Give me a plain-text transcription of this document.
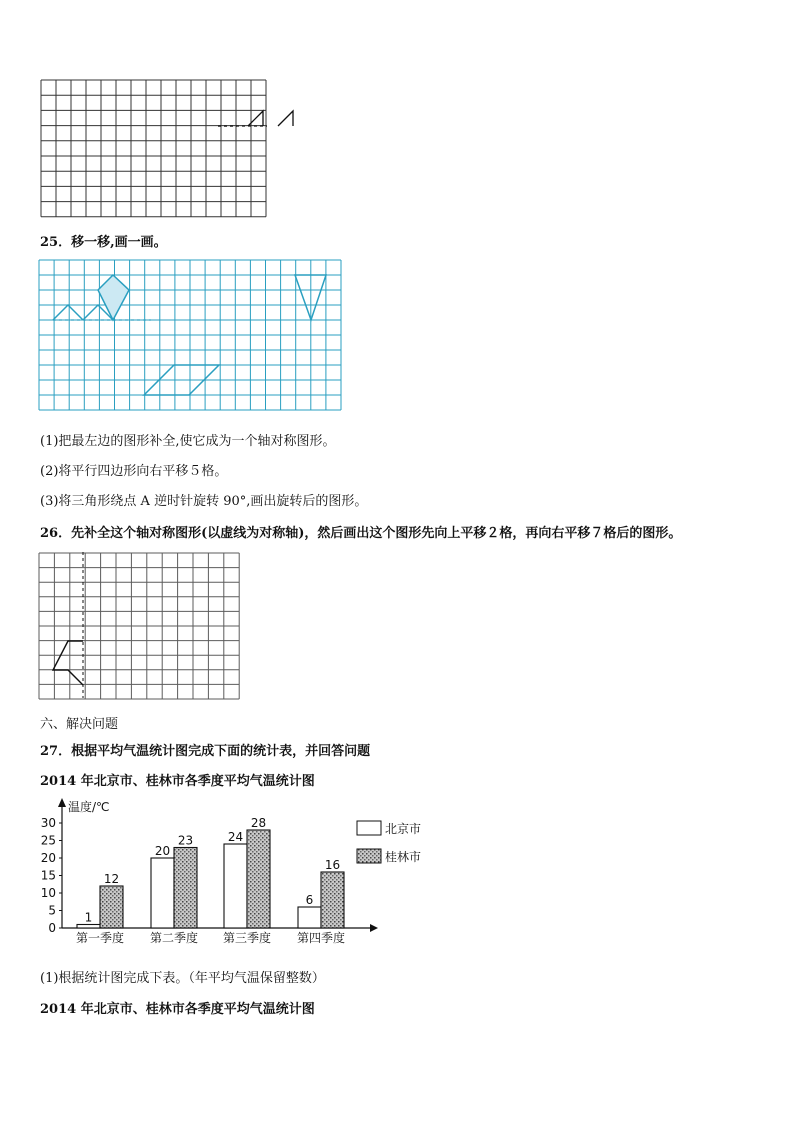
25．移一移,画一画。
(1)把最左边的图形补全,使它成为一个轴对称图形。
(2)将平行四边形向右平移５格。
(3)将三角形绕点 A 逆时针旋转 90°,画出旋转后的图形。
26．先补全这个轴对称图形(以虚线为对称轴)，然后画出这个图形先向上平移２格，再向右平移７格后的图形。
六、解决问题
27．根据平均气温统计图完成下面的统计表，并回答问题
2014 年北京市、桂林市各季度平均气温统计图
温度/℃
0
5
10
15
20
25
30
1
12
第一季度
20
23
第二季度
24
28
第三季度
6
16
第四季度
北京市
桂林市
(1)根据统计图完成下表。（年平均气温保留整数）
2014 年北京市、桂林市各季度平均气温统计图
